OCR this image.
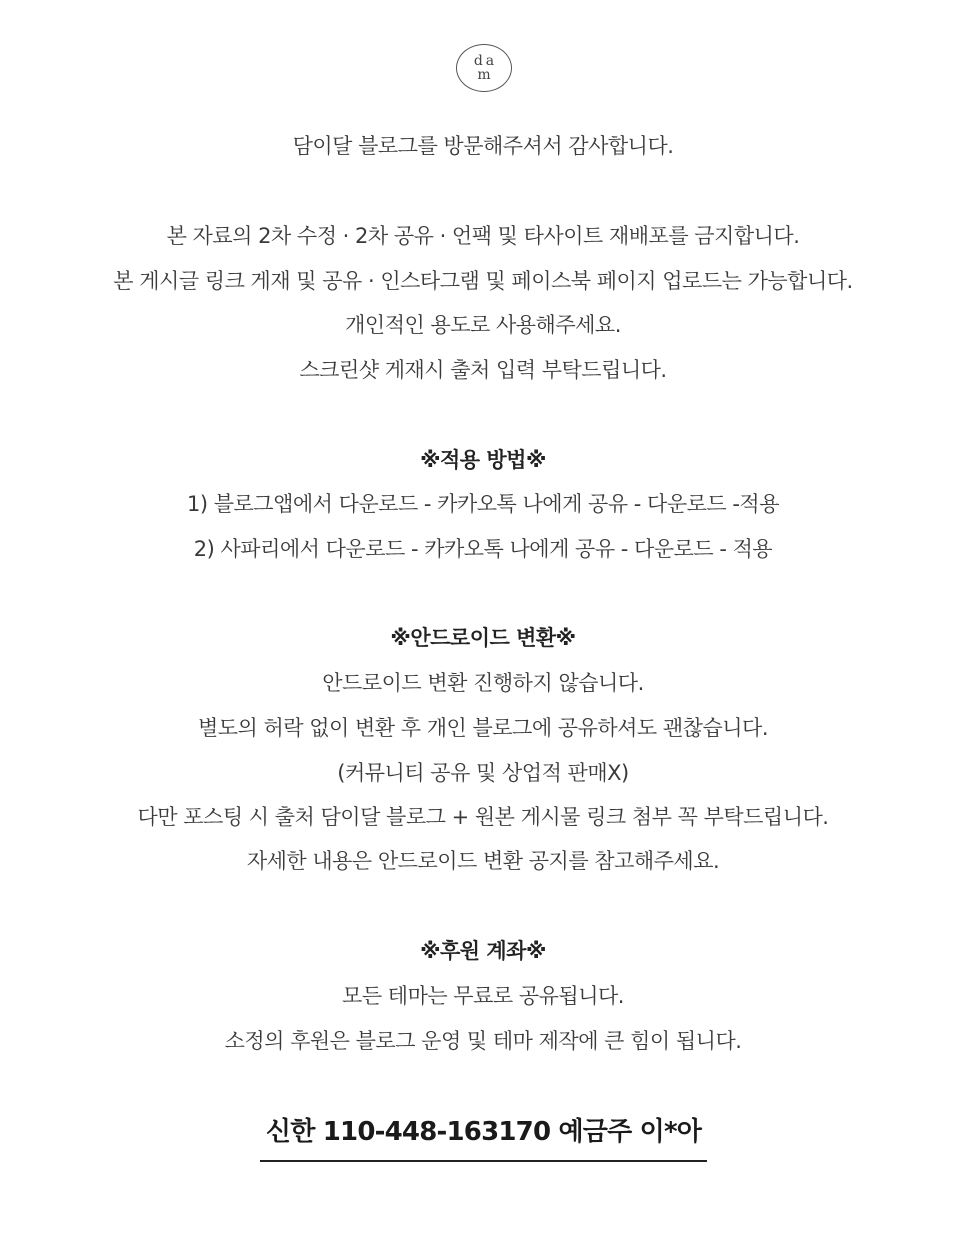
da
m
담이달 블로그를 방문해주셔서 감사합니다.
본 자료의 2차 수정 · 2차 공유 · 언팩 및 타사이트 재배포를 금지합니다.
본 게시글 링크 게재 및 공유 · 인스타그램 및 페이스북 페이지 업로드는 가능합니다.
개인적인 용도로 사용해주세요.
스크린샷 게재시 출처 입력 부탁드립니다.
※적용 방법※
1) 블로그앱에서 다운로드 - 카카오톡 나에게 공유 - 다운로드 -적용
2) 사파리에서 다운로드 - 카카오톡 나에게 공유 - 다운로드 - 적용
※안드로이드 변환※
안드로이드 변환 진행하지 않습니다.
별도의 허락 없이 변환 후 개인 블로그에 공유하셔도 괜찮습니다.
(커뮤니티 공유 및 상업적 판매X)
다만 포스팅 시 출처 담이달 블로그 + 원본 게시물 링크 첨부 꼭 부탁드립니다.
자세한 내용은 안드로이드 변환 공지를 참고해주세요.
※후원 계좌※
모든 테마는 무료로 공유됩니다.
소정의 후원은 블로그 운영 및 테마 제작에 큰 힘이 됩니다.
신한 110-448-163170 예금주 이*아
